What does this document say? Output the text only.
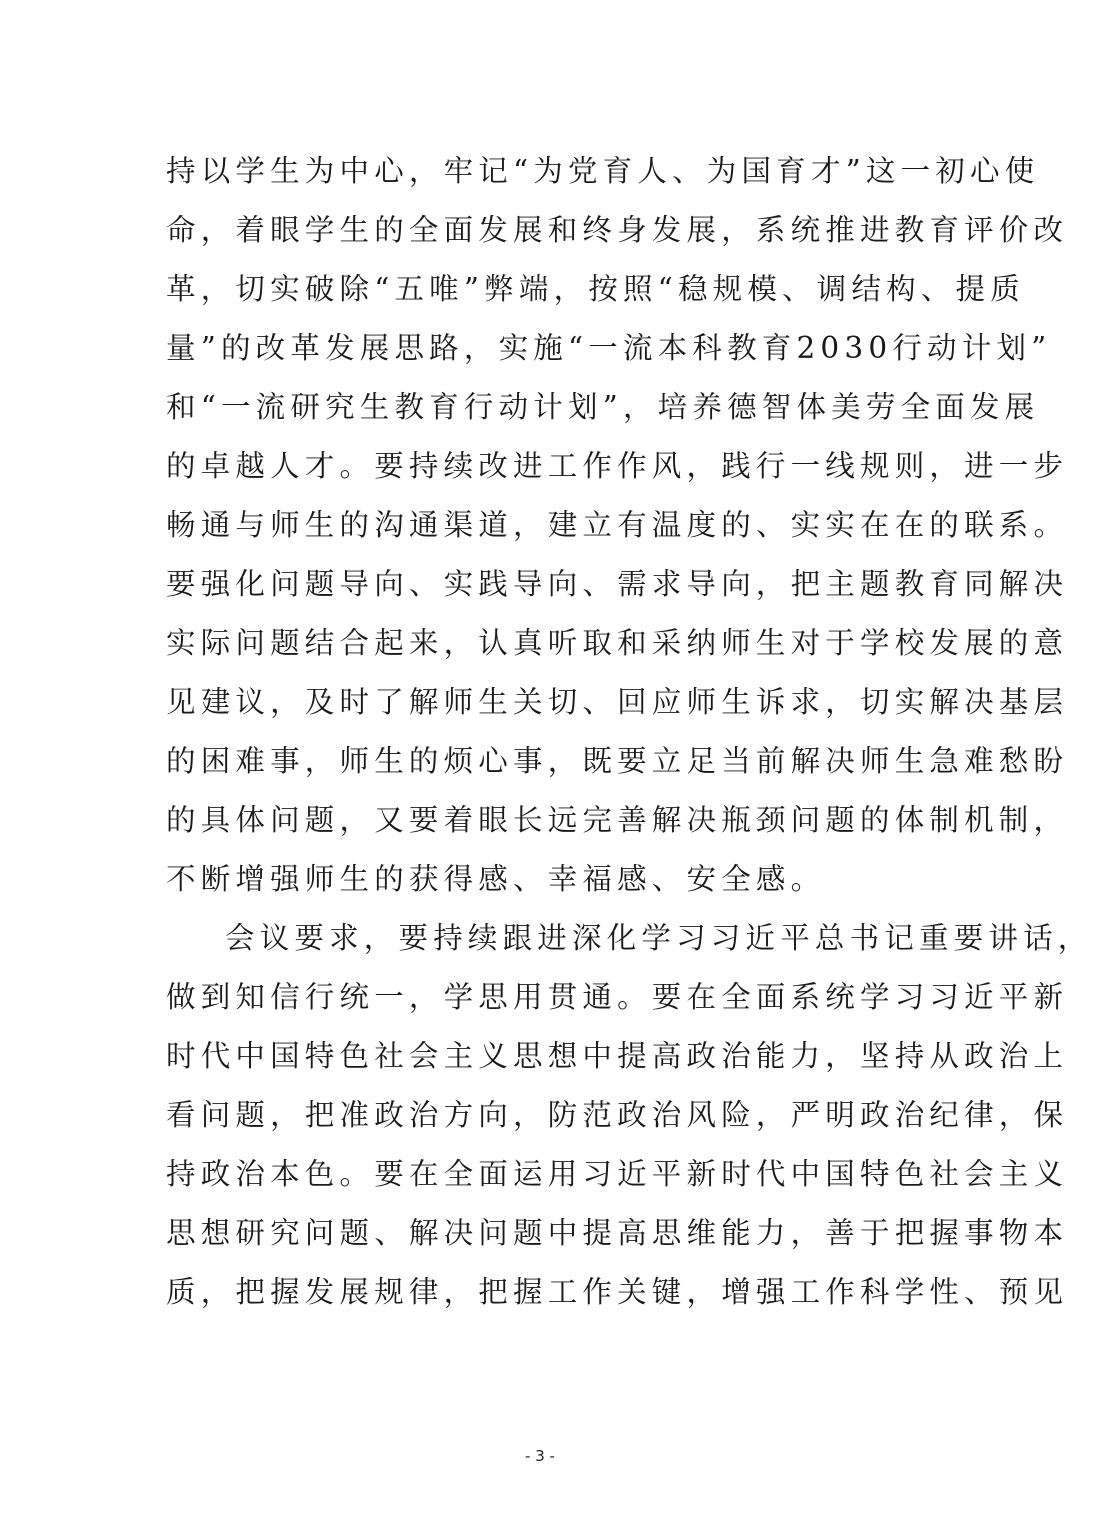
持以学生为中心，牢记“为党育人、为国育才”这一初心使
命，着眼学生的全面发展和终身发展，系统推进教育评价改
革，切实破除“五唯”弊端，按照“稳规模、调结构、提质
量”的改革发展思路，实施“一流本科教育2030行动计划”
和“一流研究生教育行动计划”，培养德智体美劳全面发展
的卓越人才。要持续改进工作作风，践行一线规则，进一步
畅通与师生的沟通渠道，建立有温度的、实实在在的联系。
要强化问题导向、实践导向、需求导向，把主题教育同解决
实际问题结合起来，认真听取和采纳师生对于学校发展的意
见建议，及时了解师生关切、回应师生诉求，切实解决基层
的困难事，师生的烦心事，既要立足当前解决师生急难愁盼
的具体问题，又要着眼长远完善解决瓶颈问题的体制机制，
不断增强师生的获得感、幸福感、安全感。
会议要求，要持续跟进深化学习习近平总书记重要讲话，
做到知信行统一，学思用贯通。要在全面系统学习习近平新
时代中国特色社会主义思想中提高政治能力，坚持从政治上
看问题，把准政治方向，防范政治风险，严明政治纪律，保
持政治本色。要在全面运用习近平新时代中国特色社会主义
思想研究问题、解决问题中提高思维能力，善于把握事物本
质，把握发展规律，把握工作关键，增强工作科学性、预见
- 3 -
